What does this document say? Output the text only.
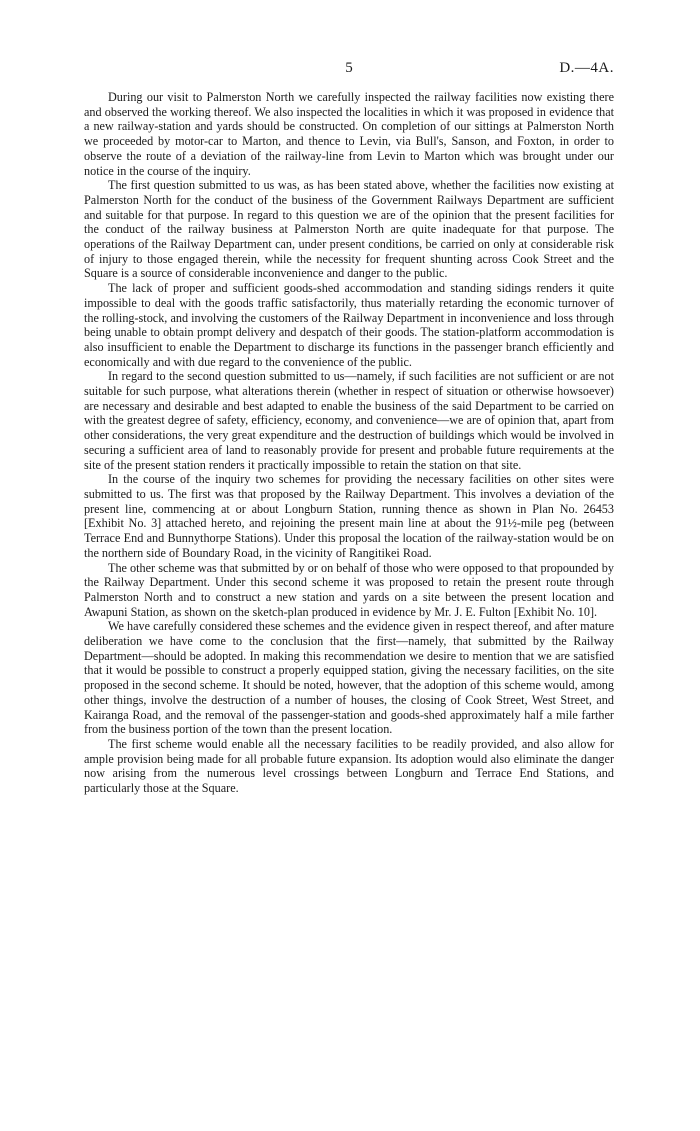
5	D.—4A.

During our visit to Palmerston North we carefully inspected the railway facilities now existing there and observed the working thereof. We also inspected the localities in which it was proposed in evidence that a new railway-station and yards should be constructed. On completion of our sittings at Palmerston North we proceeded by motor-car to Marton, and thence to Levin, via Bull's, Sanson, and Foxton, in order to observe the route of a deviation of the railway-line from Levin to Marton which was brought under our notice in the course of the inquiry.

The first question submitted to us was, as has been stated above, whether the facilities now existing at Palmerston North for the conduct of the business of the Government Railways Department are sufficient and suitable for that purpose. In regard to this question we are of the opinion that the present facilities for the conduct of the railway business at Palmerston North are quite inadequate for that purpose. The operations of the Railway Department can, under present conditions, be carried on only at considerable risk of injury to those engaged therein, while the necessity for frequent shunting across Cook Street and the Square is a source of considerable inconvenience and danger to the public.

The lack of proper and sufficient goods-shed accommodation and standing sidings renders it quite impossible to deal with the goods traffic satisfactorily, thus materially retarding the economic turnover of the rolling-stock, and involving the customers of the Railway Department in inconvenience and loss through being unable to obtain prompt delivery and despatch of their goods. The station-platform accommodation is also insufficient to enable the Department to discharge its functions in the passenger branch efficiently and economically and with due regard to the convenience of the public.

In regard to the second question submitted to us—namely, if such facilities are not sufficient or are not suitable for such purpose, what alterations therein (whether in respect of situation or otherwise howsoever) are necessary and desirable and best adapted to enable the business of the said Department to be carried on with the greatest degree of safety, efficiency, economy, and convenience—we are of opinion that, apart from other considerations, the very great expenditure and the destruction of buildings which would be involved in securing a sufficient area of land to reasonably provide for present and probable future requirements at the site of the present station renders it practically impossible to retain the station on that site.

In the course of the inquiry two schemes for providing the necessary facilities on other sites were submitted to us. The first was that proposed by the Railway Department. This involves a deviation of the present line, commencing at or about Longburn Station, running thence as shown in Plan No. 26453 [Exhibit No. 3] attached hereto, and rejoining the present main line at about the 91½-mile peg (between Terrace End and Bunnythorpe Stations). Under this proposal the location of the railway-station would be on the northern side of Boundary Road, in the vicinity of Rangitikei Road.

The other scheme was that submitted by or on behalf of those who were opposed to that propounded by the Railway Department. Under this second scheme it was proposed to retain the present route through Palmerston North and to construct a new station and yards on a site between the present location and Awapuni Station, as shown on the sketch-plan produced in evidence by Mr. J. E. Fulton [Exhibit No. 10].

We have carefully considered these schemes and the evidence given in respect thereof, and after mature deliberation we have come to the conclusion that the first—namely, that submitted by the Railway Department—should be adopted. In making this recommendation we desire to mention that we are satisfied that it would be possible to construct a properly equipped station, giving the necessary facilities, on the site proposed in the second scheme. It should be noted, however, that the adoption of this scheme would, among other things, involve the destruction of a number of houses, the closing of Cook Street, West Street, and Kairanga Road, and the removal of the passenger-station and goods-shed approximately half a mile farther from the business portion of the town than the present location.

The first scheme would enable all the necessary facilities to be readily provided, and also allow for ample provision being made for all probable future expansion. Its adoption would also eliminate the danger now arising from the numerous level crossings between Longburn and Terrace End Stations, and particularly those at the Square.
